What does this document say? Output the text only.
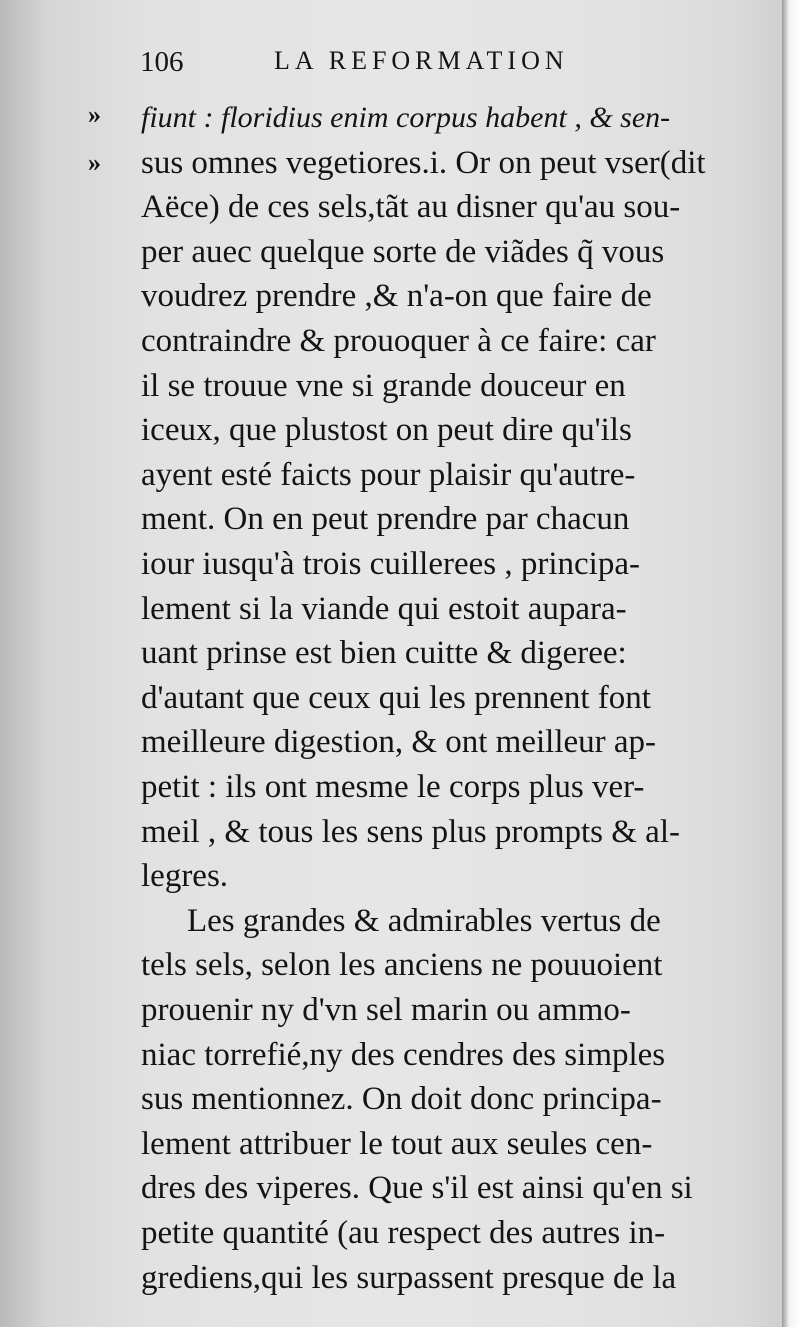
106	LA REFORMATION
»
»
fiunt : floridius enim corpus habent , & sen-
sus omnes vegetiores.i. Or on peut vser(dit
Aëce) de ces sels,tãt au disner qu'au sou-
per auec quelque sorte de viãdes q̃ vous
voudrez prendre ,& n'a-on que faire de
contraindre & prouoquer à ce faire: car
il se trouue vne si grande douceur en
iceux, que plustost on peut dire qu'ils
ayent esté faicts pour plaisir qu'autre-
ment. On en peut prendre par chacun
iour iusqu'à trois cuillerees , principa-
lement si la viande qui estoit aupara-
uant prinse est bien cuitte & digeree:
d'autant que ceux qui les prennent font
meilleure digestion, & ont meilleur ap-
petit : ils ont mesme le corps plus ver-
meil , & tous les sens plus prompts & al-
legres.
Les grandes & admirables vertus de
tels sels, selon les anciens ne pouuoient
prouenir ny d'vn sel marin ou ammo-
niac torrefié,ny des cendres des simples
sus mentionnez. On doit donc principa-
lement attribuer le tout aux seules cen-
dres des viperes. Que s'il est ainsi qu'en si
petite quantité (au respect des autres in-
grediens,qui les surpassent presque de la
